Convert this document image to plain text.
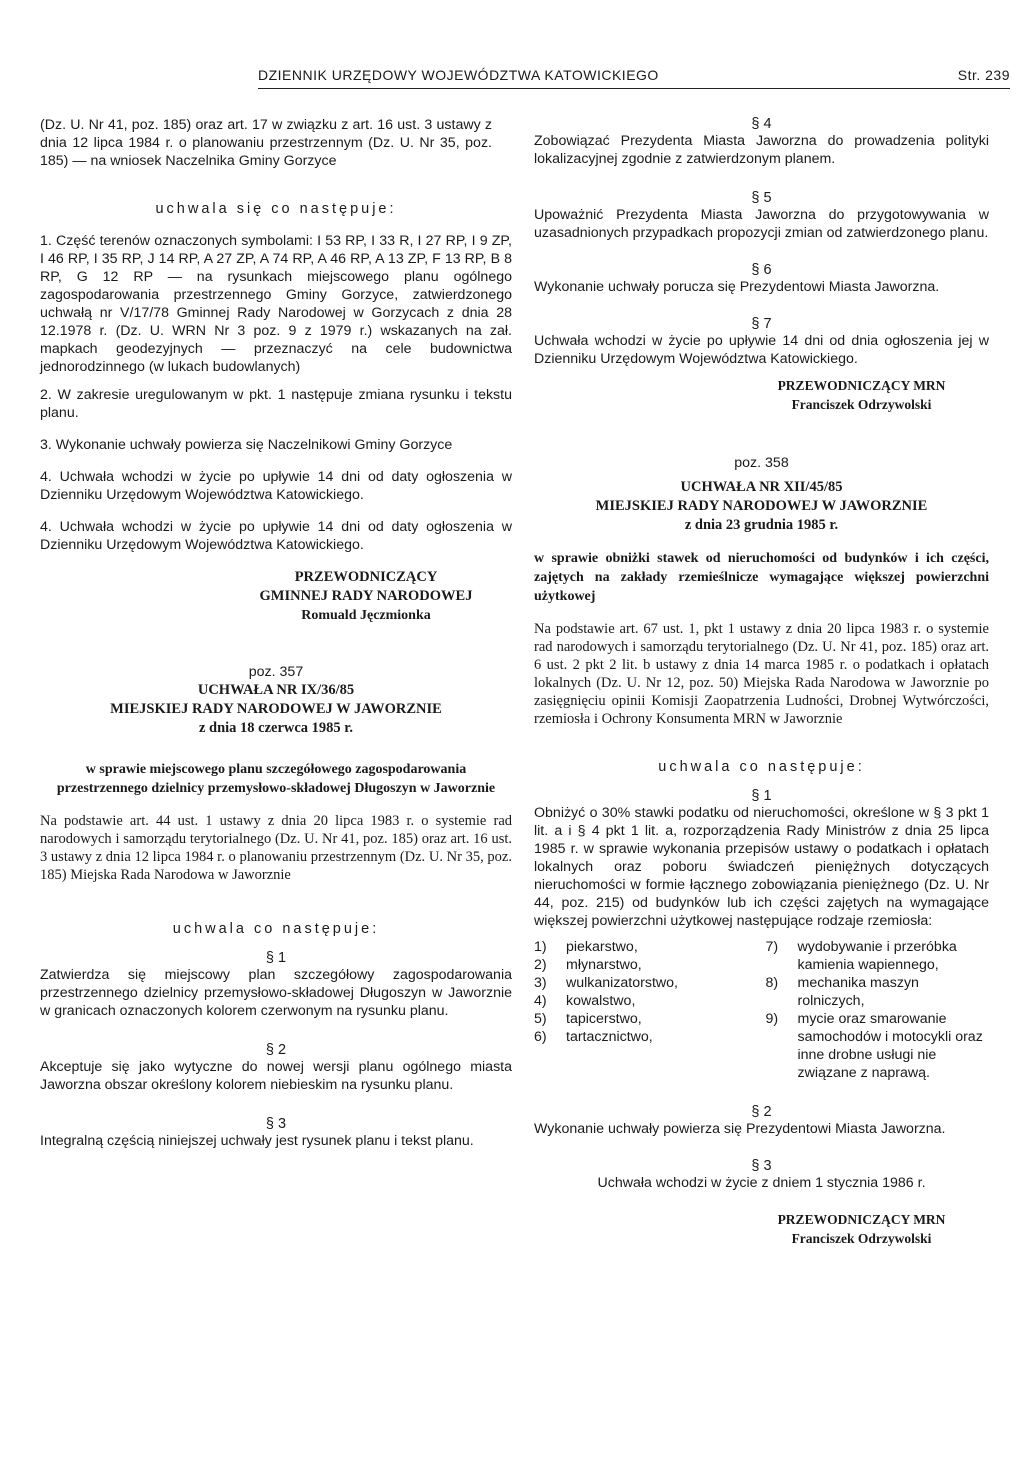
DZIENNIK URZĘDOWY WOJEWÓDZTWA KATOWICKIEGO	Str. 239

(Dz. U. Nr 41, poz. 185) oraz art. 17 w związku z art. 16 ust. 3 ustawy z dnia 12 lipca 1984 r. o planowaniu przestrzennym (Dz. U. Nr 35, poz. 185) — na wniosek Naczelnika Gminy Gorzyce

uchwala się co następuje:

1. Część terenów oznaczonych symbolami: I 53 RP, I 33 R, I 27 RP, I 9 ZP, I 46 RP, I 35 RP, J 14 RP, A 27 ZP, A 74 RP, A 46 RP, A 13 ZP, F 13 RP, B 8 RP, G 12 RP — na rysunkach miejscowego planu ogólnego zagospodarowania przestrzennego Gminy Gorzyce, zatwierdzonego uchwałą nr V/17/78 Gminnej Rady Narodowej w Gorzycach z dnia 28 12.1978 r. (Dz. U. WRN Nr 3 poz. 9 z 1979 r.) wskazanych na zał. mapkach geodezyjnych — przeznaczyć na cele budownictwa jednorodzinnego (w lukach budowlanych)

2. W zakresie uregulowanym w pkt. 1 następuje zmiana rysunku i tekstu planu.

3. Wykonanie uchwały powierza się Naczelnikowi Gminy Gorzyce

4. Uchwała wchodzi w życie po upływie 14 dni od daty ogłoszenia w Dzienniku Urzędowym Województwa Katowickiego.

4. Uchwała wchodzi w życie po upływie 14 dni od daty ogłoszenia w Dzienniku Urzędowym Województwa Katowickiego.

PRZEWODNICZĄCY

GMINNEJ RADY NARODOWEJ

Romuald Jęczmionka

poz. 357

UCHWAŁA NR IX/36/85

MIEJSKIEJ RADY NARODOWEJ W JAWORZNIE

z dnia 18 czerwca 1985 r.

w sprawie miejscowego planu szczegółowego zagospodarowania przestrzennego dzielnicy przemysłowo-składowej Długoszyn w Jaworznie

Na podstawie art. 44 ust. 1 ustawy z dnia 20 lipca 1983 r. o systemie rad narodowych i samorządu terytorialnego (Dz. U. Nr 41, poz. 185) oraz art. 16 ust. 3 ustawy z dnia 12 lipca 1984 r. o planowaniu przestrzennym (Dz. U. Nr 35, poz. 185) Miejska Rada Narodowa w Jaworznie

uchwala co następuje:

§ 1

Zatwierdza się miejscowy plan szczegółowy zagospodarowania przestrzennego dzielnicy przemysłowo-składowej Długoszyn w Jaworznie w granicach oznaczonych kolorem czerwonym na rysunku planu.

§ 2

Akceptuje się jako wytyczne do nowej wersji planu ogólnego miasta Jaworzna obszar określony kolorem niebieskim na rysunku planu.

§ 3

Integralną częścią niniejszej uchwały jest rysunek planu i tekst planu.

§ 4

Zobowiązać Prezydenta Miasta Jaworzna do prowadzenia polityki lokalizacyjnej zgodnie z zatwierdzonym planem.

§ 5

Upoważnić Prezydenta Miasta Jaworzna do przygotowywania w uzasadnionych przypadkach propozycji zmian od zatwierdzonego planu.

§ 6

Wykonanie uchwały porucza się Prezydentowi Miasta Jaworzna.

§ 7

Uchwała wchodzi w życie po upływie 14 dni od dnia ogłoszenia jej w Dzienniku Urzędowym Województwa Katowickiego.

PRZEWODNICZĄCY MRN

Franciszek Odrzywolski

poz. 358

UCHWAŁA NR XII/45/85

MIEJSKIEJ RADY NARODOWEJ W JAWORZNIE

z dnia 23 grudnia 1985 r.

w sprawie obniżki stawek od nieruchomości od budynków i ich części, zajętych na zakłady rzemieślnicze wymagające większej powierzchni użytkowej

Na podstawie art. 67 ust. 1, pkt 1 ustawy z dnia 20 lipca 1983 r. o systemie rad narodowych i samorządu terytorialnego (Dz. U. Nr 41, poz. 185) oraz art. 6 ust. 2 pkt 2 lit. b ustawy z dnia 14 marca 1985 r. o podatkach i opłatach lokalnych (Dz. U. Nr 12, poz. 50) Miejska Rada Narodowa w Jaworznie po zasięgnięciu opinii Komisji Zaopatrzenia Ludności, Drobnej Wytwórczości, rzemiosła i Ochrony Konsumenta MRN w Jaworznie

uchwala co następuje:

§ 1

Obniżyć o 30% stawki podatku od nieruchomości, określone w § 3 pkt 1 lit. a i § 4 pkt 1 lit. a, rozporządzenia Rady Ministrów z dnia 25 lipca 1985 r. w sprawie wykonania przepisów ustawy o podatkach i opłatach lokalnych oraz poboru świadczeń pieniężnych dotyczących nieruchomości w formie łącznego zobowiązania pieniężnego (Dz. U. Nr 44, poz. 215) od budynków lub ich części zajętych na wymagające większej powierzchni użytkowej następujące rodzaje rzemiosła:

1)	piekarstwo,
2)	młynarstwo,
3)	wulkanizatorstwo,
4)	kowalstwo,
5)	tapicerstwo,
6)	tartacznictwo,
7)	wydobywanie i przeróbka kamienia wapiennego,
8)	mechanika maszyn rolniczych,
9)	mycie oraz smarowanie samochodów i motocykli oraz inne drobne usługi nie związane z naprawą.

§ 2

Wykonanie uchwały powierza się Prezydentowi Miasta Jaworzna.

§ 3

Uchwała wchodzi w życie z dniem 1 stycznia 1986 r.

PRZEWODNICZĄCY MRN

Franciszek Odrzywolski
